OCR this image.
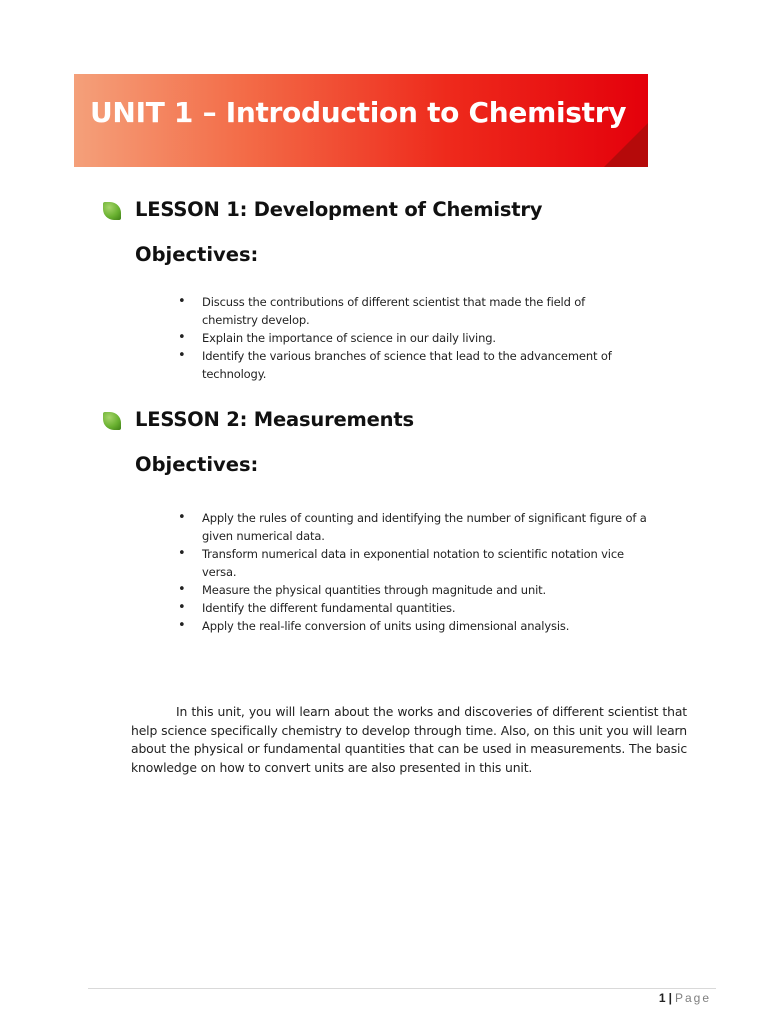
UNIT 1 – Introduction to Chemistry
LESSON 1: Development of Chemistry
Objectives:
• Discuss the contributions of different scientist that made the field of chemistry develop.
• Explain the importance of science in our daily living.
• Identify the various branches of science that lead to the advancement of technology.
LESSON 2: Measurements
Objectives:
• Apply the rules of counting and identifying the number of significant figure of a given numerical data.
• Transform numerical data in exponential notation to scientific notation vice versa.
• Measure the physical quantities through magnitude and unit.
• Identify the different fundamental quantities.
• Apply the real-life conversion of units using dimensional analysis.

In this unit, you will learn about the works and discoveries of different scientist that help science specifically chemistry to develop through time. Also, on this unit you will learn about the physical or fundamental quantities that can be used in measurements. The basic knowledge on how to convert units are also presented in this unit.

1 | Page
